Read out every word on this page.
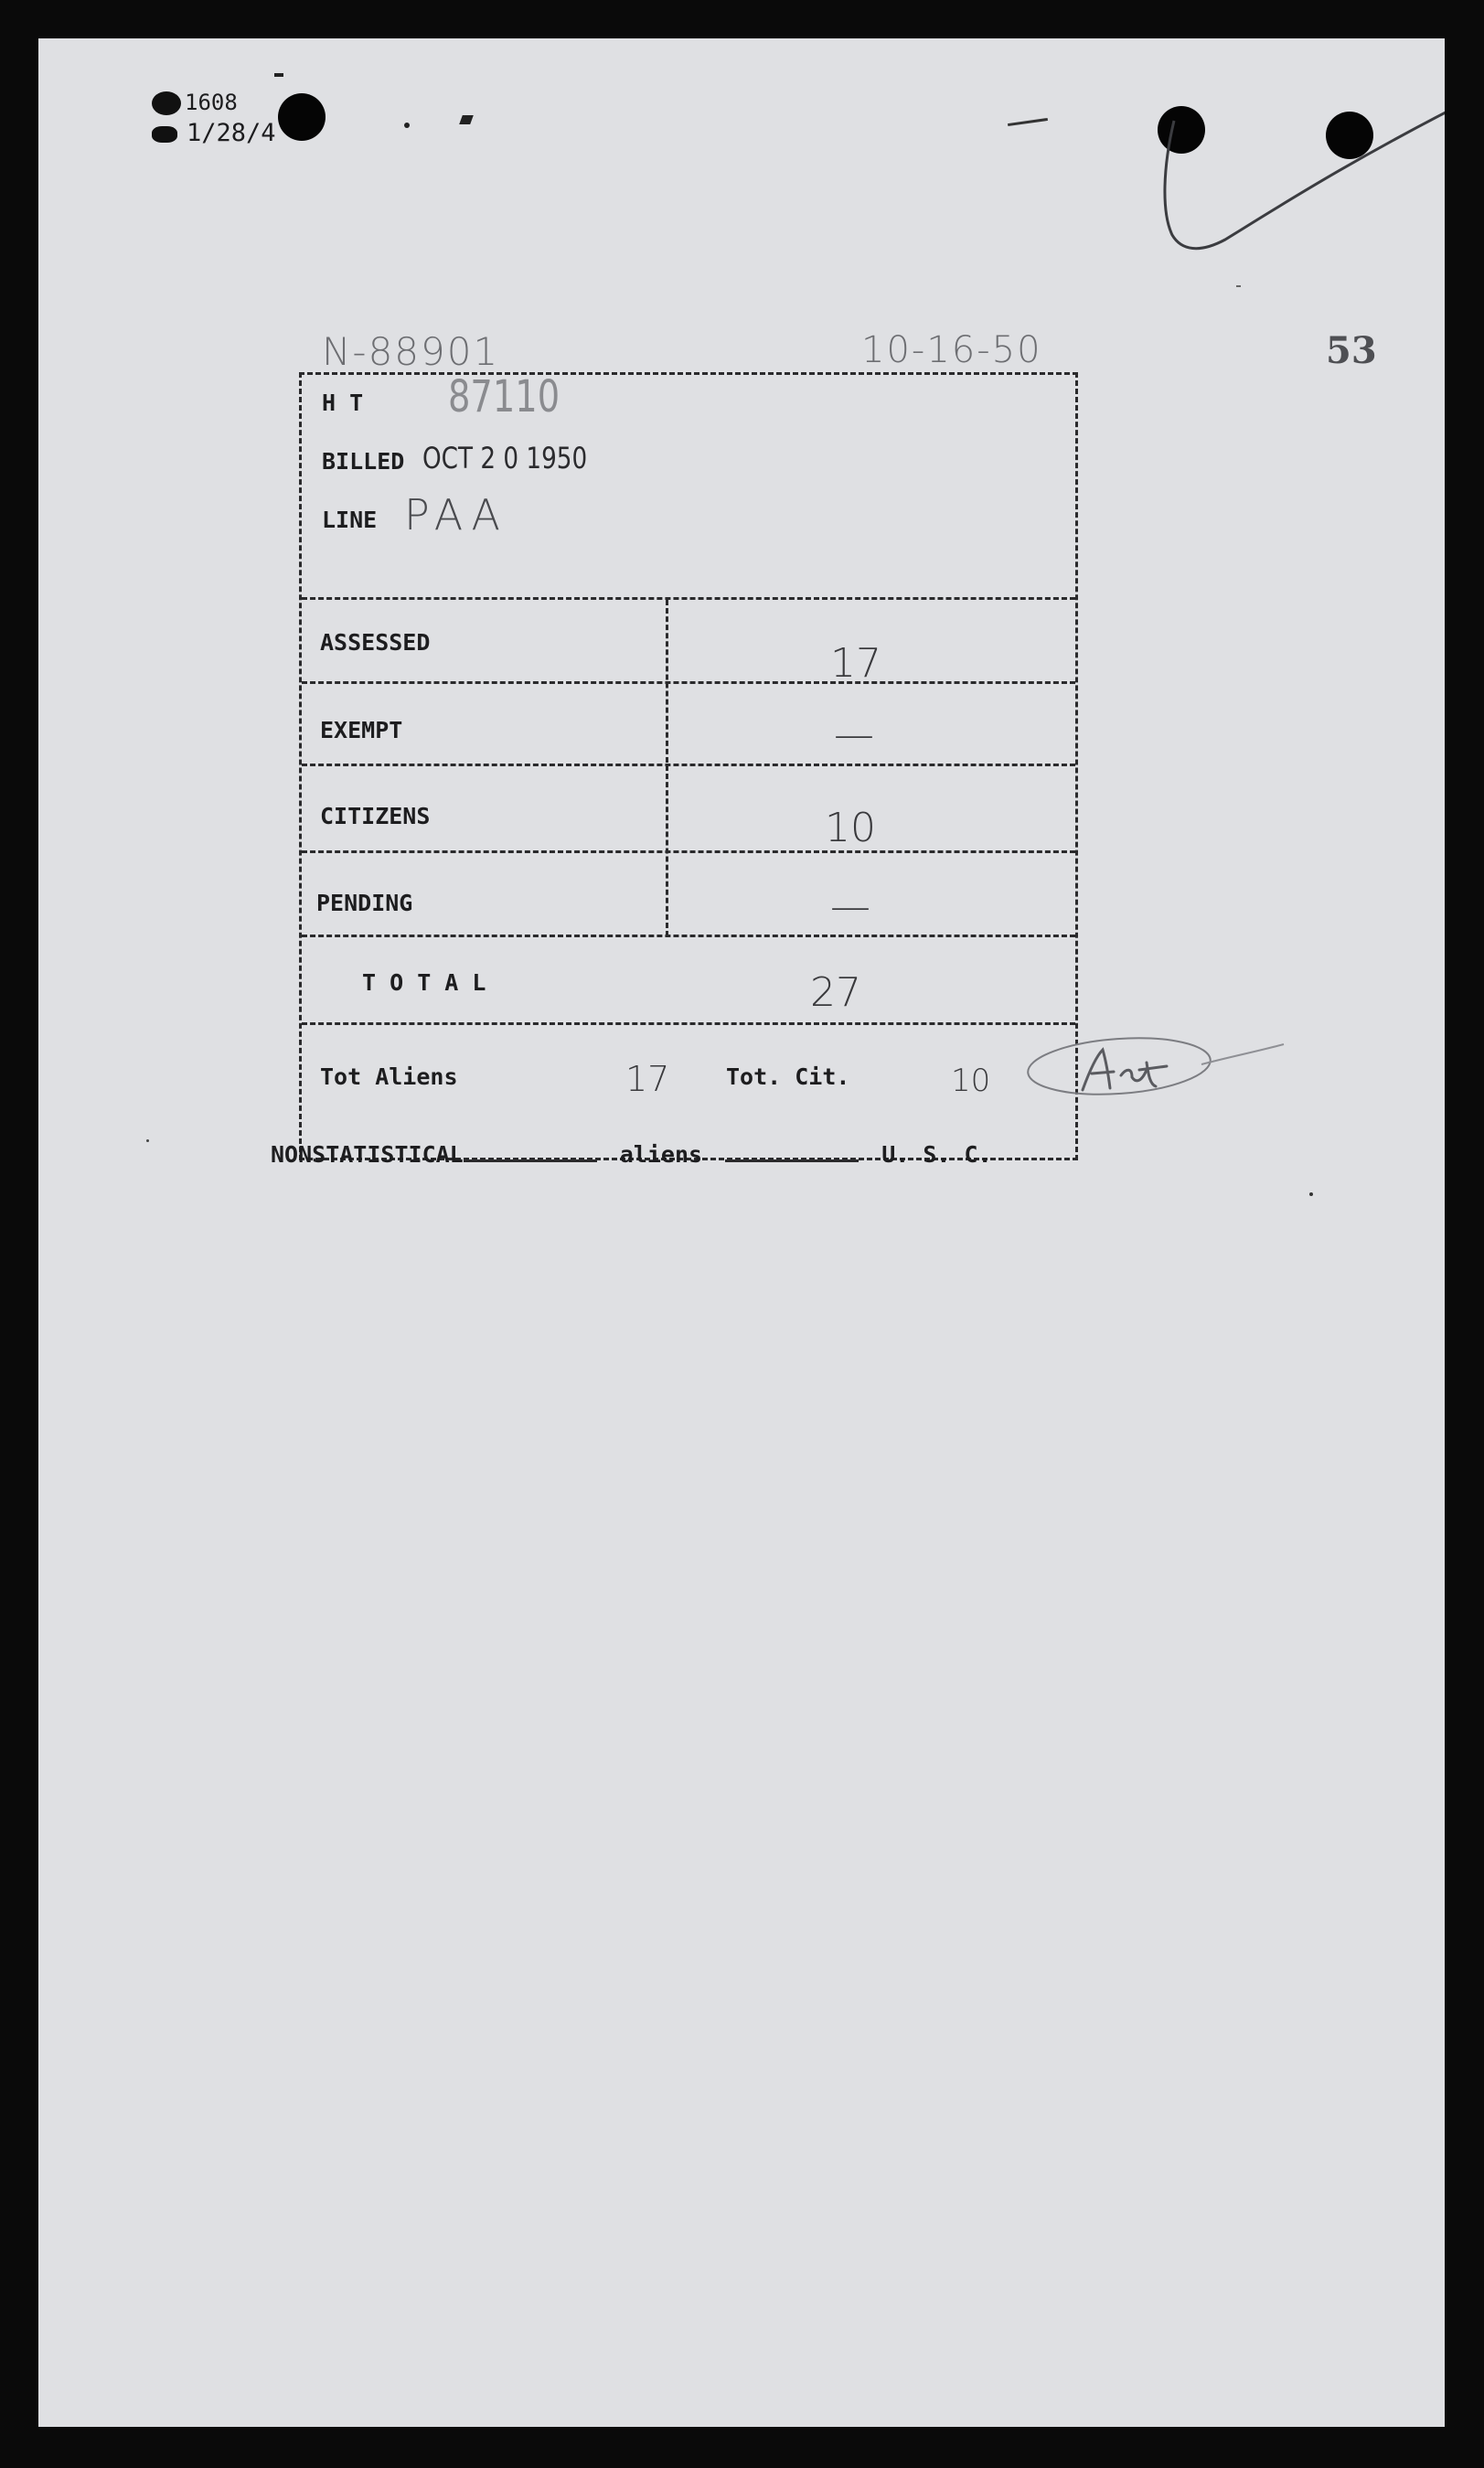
1608
1/28/4
53
N-88901	10-16-50
H T 87110
BILLED OCT 2 0 1950
LINE PAA
ASSESSED	17
EXEMPT	—
CITIZENS	10
PENDING	—
T O T A L	27
Tot Aliens	17 Tot. Cit.	10
NONSTATISTICAL	aliens	U. S. C.
